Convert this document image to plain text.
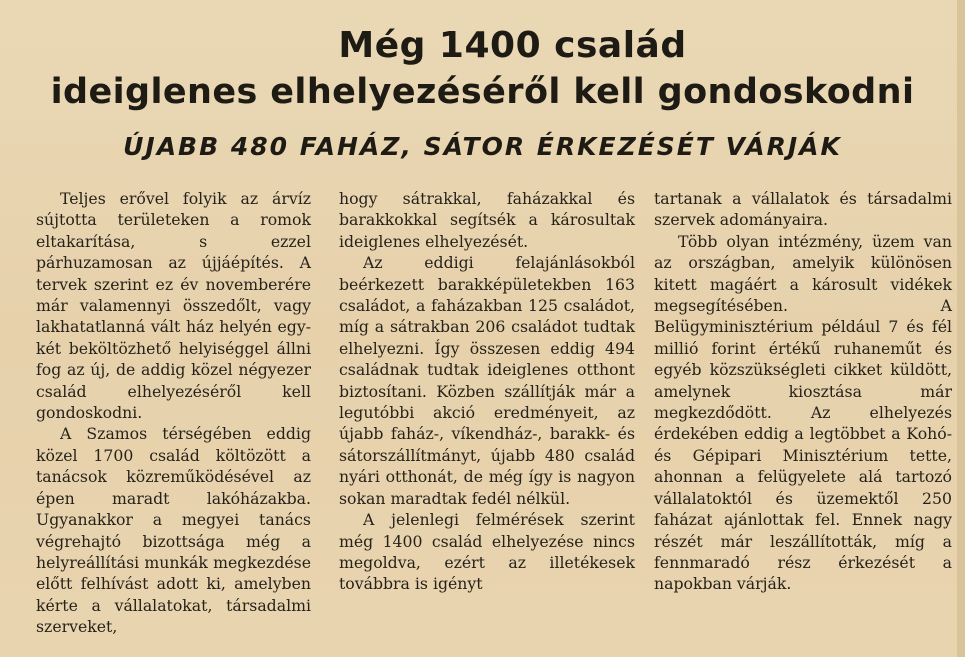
Még 1400 család
ideiglenes elhelyezéséről kell gondoskodni
ÚJABB 480 FAHÁZ, SÁTOR ÉRKEZÉSÉT VÁRJÁK

Teljes erővel folyik az árvíz sújtotta területeken a romok eltakarítása, s ezzel párhuzamosan az újjáépítés. A tervek szerint ez év novemberére már valamennyi összedőlt, vagy lakhatatlanná vált ház helyén egy-két beköltözhető helyiséggel állni fog az új, de addig közel négyezer család elhelyezéséről kell gondoskodni.

A Szamos térségében eddig közel 1700 család költözött a tanácsok közreműködésével az épen maradt lakóházakba. Ugyanakkor a megyei tanács végrehajtó bizottsága még a helyreállítási munkák megkezdése előtt felhívást adott ki, amelyben kérte a vállalatokat, társadalmi szerveket,

hogy sátrakkal, faházakkal és barakkokkal segítsék a károsultak ideiglenes elhelyezését.

Az eddigi felajánlásokból beérkezett barakképületekben 163 családot, a faházakban 125 családot, míg a sátrakban 206 családot tudtak elhelyezni. Így összesen eddig 494 családnak tudtak ideiglenes otthont biztosítani. Közben szállítják már a legutóbbi akció eredményeit, az újabb faház-, víkendház-, barakk- és sátorszállítmányt, újabb 480 család nyári otthonát, de még így is nagyon sokan maradtak fedél nélkül.

A jelenlegi felmérések szerint még 1400 család elhelyezése nincs megoldva, ezért az illetékesek továbbra is igényt

tartanak a vállalatok és társadalmi szervek adományaira.

Több olyan intézmény, üzem van az országban, amelyik különösen kitett magáért a károsult vidékek megsegítésében. A Belügyminisztérium például 7 és fél millió forint értékű ruhaneműt és egyéb közszükségleti cikket küldött, amelynek kiosztása már megkezdődött. Az elhelyezés érdekében eddig a legtöbbet a Kohó- és Gépipari Minisztérium tette, ahonnan a felügyelete alá tartozó vállalatoktól és üzemektől 250 faházat ajánlottak fel. Ennek nagy részét már leszállították, míg a fennmaradó rész érkezését a napokban várják.
